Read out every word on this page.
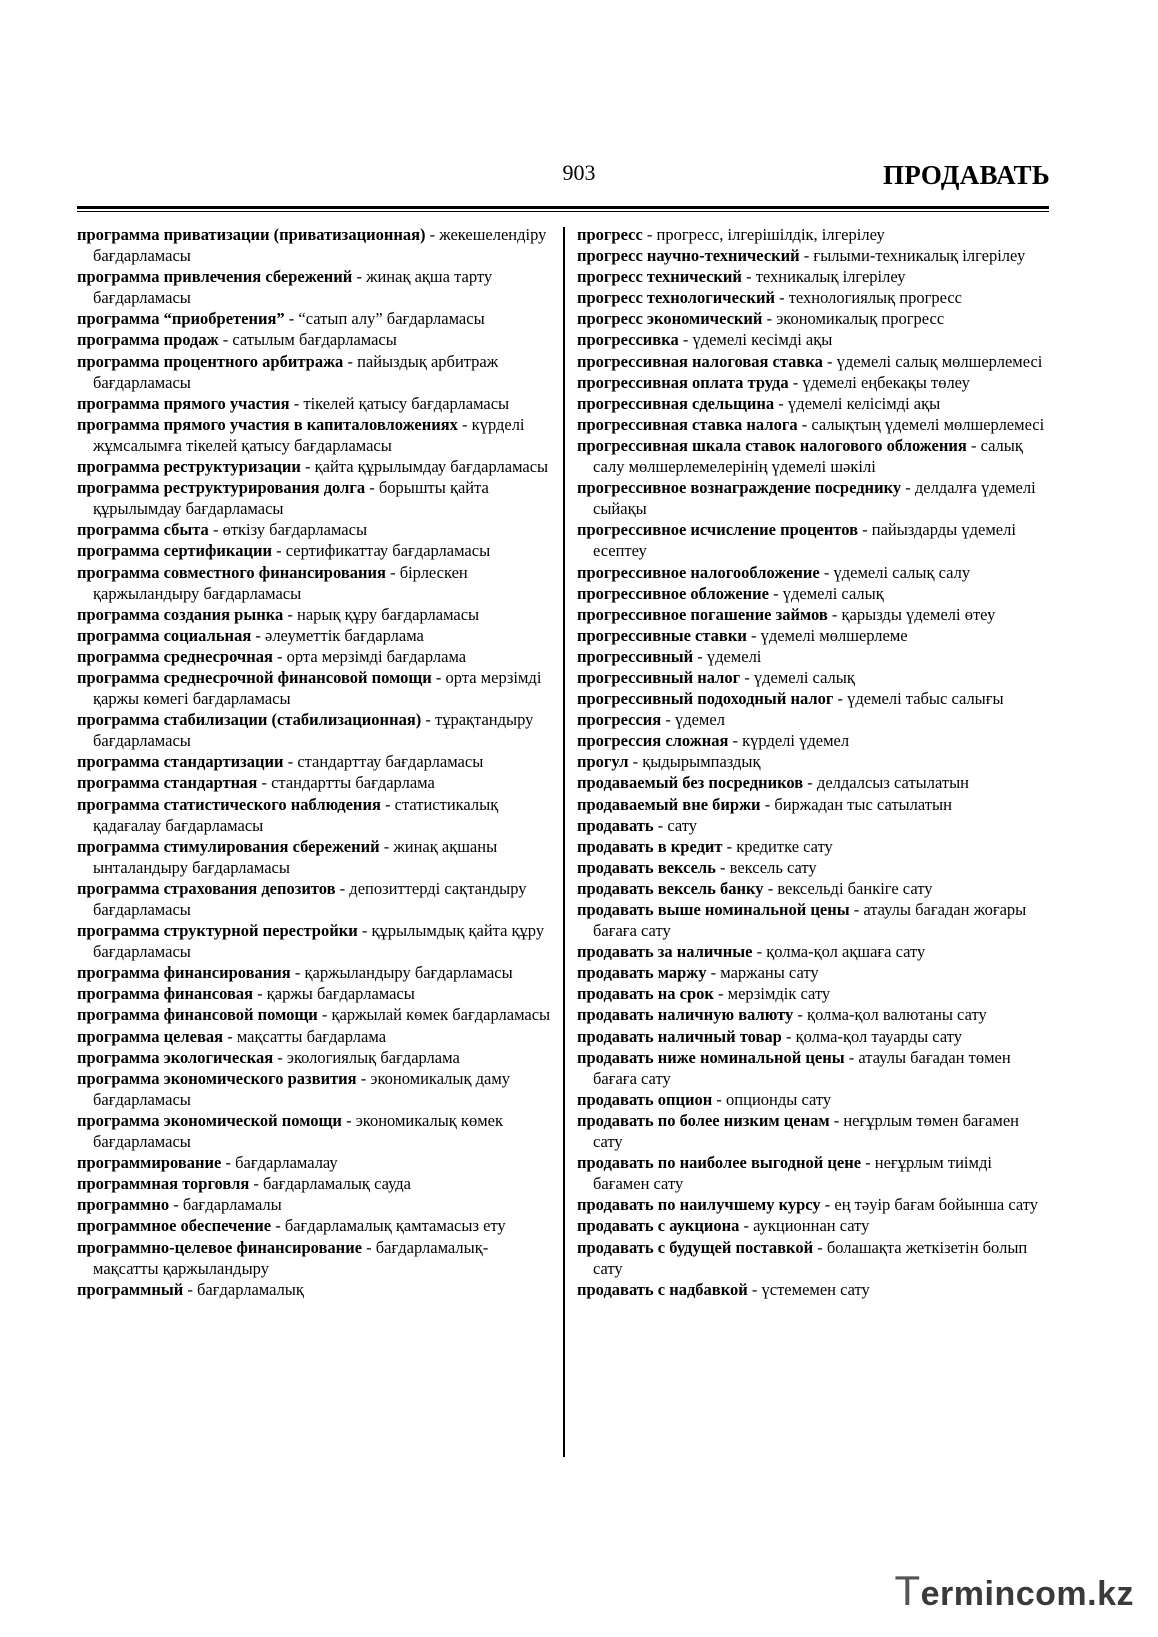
903	ПРОДАВАТЬ
программа приватизации (приватизационная) - жекешелендіру бағдарламасы
программа привлечения сбережений - жинақ ақша тарту бағдарламасы
программа “приобретения” - “сатып алу” бағдарламасы
программа продаж - сатылым бағдарламасы
программа процентного арбитража - пайыздық арбитраж бағдарламасы
программа прямого участия - тікелей қатысу бағдарламасы
программа прямого участия в капиталовложениях - күрделі жұмсалымға тікелей қатысу бағдарламасы
программа реструктуризации - қайта құрылымдау бағдарламасы
программа реструктурирования долга - борышты қайта құрылымдау бағдарламасы
программа сбыта - өткізу бағдарламасы
программа сертификации - сертификаттау бағдарламасы
программа совместного финансирования - бірлескен қаржыландыру бағдарламасы
программа создания рынка - нарық құру бағдарламасы
программа социальная - әлеуметтік бағдарлама
программа среднесрочная - орта мерзімді бағдарлама
программа среднесрочной финансовой помощи - орта мерзімді қаржы көмегі бағдарламасы
программа стабилизации (стабилизационная) - тұрақтандыру бағдарламасы
программа стандартизации - стандарттау бағдарламасы
программа стандартная - стандартты бағдарлама
программа статистического наблюдения - статистикалық қадағалау бағдарламасы
программа стимулирования сбережений - жинақ ақшаны ынталандыру бағдарламасы
программа страхования депозитов - депозиттерді сақтандыру бағдарламасы
программа структурной перестройки - құрылымдық қайта құру бағдарламасы
программа финансирования - қаржыландыру бағдарламасы
программа финансовая - қаржы бағдарламасы
программа финансовой помощи - қаржылай көмек бағдарламасы
программа целевая - мақсатты бағдарлама
программа экологическая - экологиялық бағдарлама
программа экономического развития - экономикалық даму бағдарламасы
программа экономической помощи - экономикалық көмек бағдарламасы
программирование - бағдарламалау
программная торговля - бағдарламалық сауда
программно - бағдарламалы
программное обеспечение - бағдарламалық қамтамасыз ету
программно-целевое финансирование - бағдарламалық-мақсатты қаржыландыру
программный - бағдарламалық
прогресс - прогресс, ілгерішілдік, ілгерілеу
прогресс научно-технический - ғылыми-техникалық ілгерілеу
прогресс технический - техникалық ілгерілеу
прогресс технологический - технологиялық прогресс
прогресс экономический - экономикалық прогресс
прогрессивка - үдемелі кесімді ақы
прогрессивная налоговая ставка - үдемелі салық мөлшерлемесі
прогрессивная оплата труда - үдемелі еңбекақы төлеу
прогрессивная сдельщина - үдемелі келісімді ақы
прогрессивная ставка налога - салықтың үдемелі мөлшерлемесі
прогрессивная шкала ставок налогового обложения - салық салу мөлшерлемелерінің үдемелі шәкілі
прогрессивное вознаграждение посреднику - делдалға үдемелі сыйақы
прогрессивное исчисление процентов - пайыздарды үдемелі есептеу
прогрессивное налогообложение - үдемелі салық салу
прогрессивное обложение - үдемелі салық
прогрессивное погашение займов - қарызды үдемелі өтеу
прогрессивные ставки - үдемелі мөлшерлеме
прогрессивный - үдемелі
прогрессивный налог - үдемелі салық
прогрессивный подоходный налог - үдемелі табыс салығы
прогрессия - үдемел
прогрессия сложная - күрделі үдемел
прогул - қыдырымпаздық
продаваемый без посредников - делдалсыз сатылатын
продаваемый вне биржи - биржадан тыс сатылатын
продавать - сату
продавать в кредит - кредитке сату
продавать вексель - вексель сату
продавать вексель банку - вексельді банкіге сату
продавать выше номинальной цены - атаулы бағадан жоғары бағаға сату
продавать за наличные - қолма-қол ақшаға сату
продавать маржу - маржаны сату
продавать на срок - мерзімдік сату
продавать наличную валюту - қолма-қол валютаны сату
продавать наличный товар - қолма-қол тауарды сату
продавать ниже номинальной цены - атаулы бағадан төмен бағаға сату
продавать опцион - опционды сату
продавать по более низким ценам - неғұрлым төмен бағамен сату
продавать по наиболее выгодной цене - неғұрлым тиімді бағамен сату
продавать по наилучшему курсу - ең тәуір бағам бойынша сату
продавать с аукциона - аукционнан сату
продавать с будущей поставкой - болашақта жеткізетін болып сату
продавать с надбавкой - үстемемен сату
Termincom.kz
